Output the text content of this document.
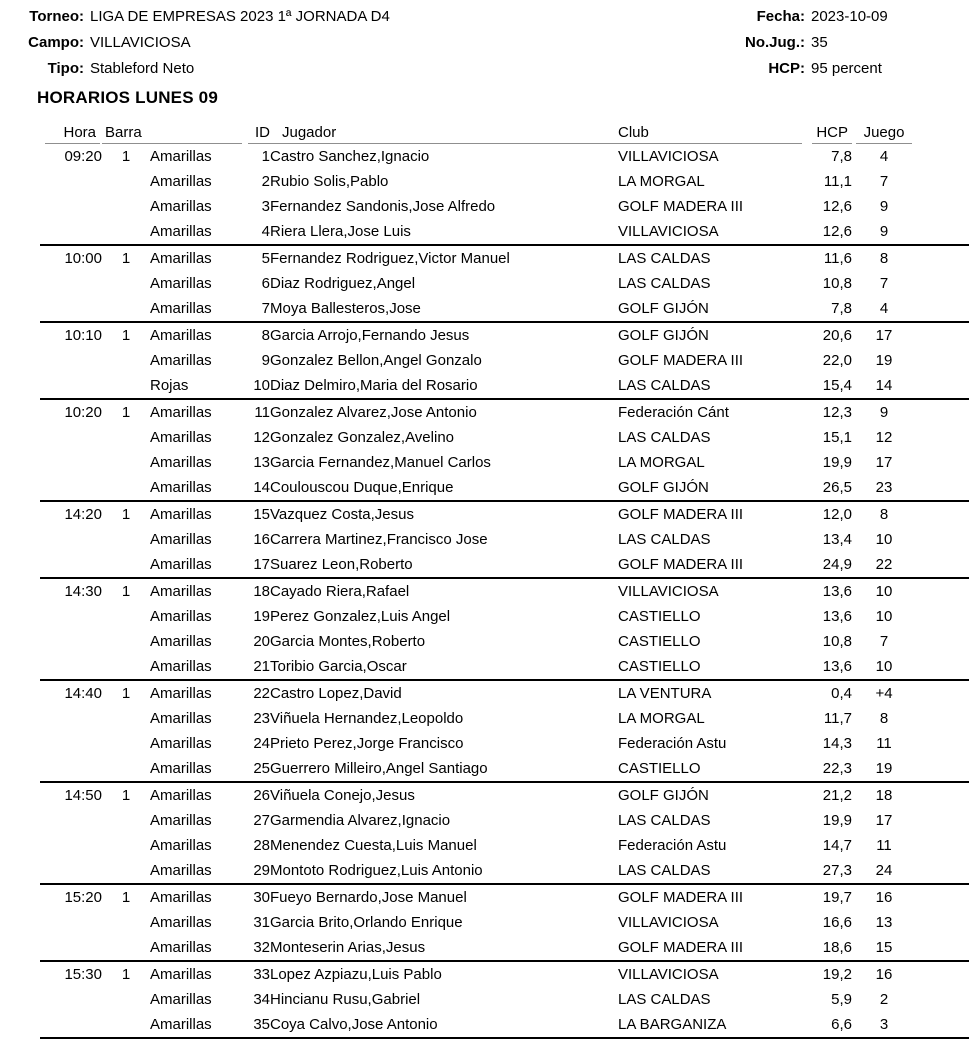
Torneo: LIGA DE EMPRESAS 2023 1ª JORNADA D4	Fecha: 2023-10-09
Campo: VILLAVICIOSA	No.Jug.: 35
Tipo: Stableford Neto	HCP: 95 percent
HORARIOS LUNES 09
Hora	Barra		ID Jugador		Club	HCP	Juego	

09:20	1	Amarillas	1	Castro Sanchez,Ignacio	VILLAVICIOSA	7,8	4	
		Amarillas	2	Rubio Solis,Pablo	LA MORGAL	11,1	7	
		Amarillas	3	Fernandez Sandonis,Jose Alfredo	GOLF MADERA III	12,6	9	
		Amarillas	4	Riera Llera,Jose Luis	VILLAVICIOSA	12,6	9	
10:00	1	Amarillas	5	Fernandez Rodriguez,Victor Manuel	LAS CALDAS	11,6	8	
		Amarillas	6	Diaz Rodriguez,Angel	LAS CALDAS	10,8	7	
		Amarillas	7	Moya Ballesteros,Jose	GOLF GIJÓN	7,8	4	
10:10	1	Amarillas	8	Garcia Arrojo,Fernando Jesus	GOLF GIJÓN	20,6	17	
		Amarillas	9	Gonzalez Bellon,Angel Gonzalo	GOLF MADERA III	22,0	19	
		Rojas	10	Diaz Delmiro,Maria del Rosario	LAS CALDAS	15,4	14	
10:20	1	Amarillas	11	Gonzalez Alvarez,Jose Antonio	Federación Cánt	12,3	9	
		Amarillas	12	Gonzalez Gonzalez,Avelino	LAS CALDAS	15,1	12	
		Amarillas	13	Garcia Fernandez,Manuel Carlos	LA MORGAL	19,9	17	
		Amarillas	14	Coulouscou Duque,Enrique	GOLF GIJÓN	26,5	23	
14:20	1	Amarillas	15	Vazquez Costa,Jesus	GOLF MADERA III	12,0	8	
		Amarillas	16	Carrera Martinez,Francisco Jose	LAS CALDAS	13,4	10	
		Amarillas	17	Suarez Leon,Roberto	GOLF MADERA III	24,9	22	
14:30	1	Amarillas	18	Cayado Riera,Rafael	VILLAVICIOSA	13,6	10	
		Amarillas	19	Perez Gonzalez,Luis Angel	CASTIELLO	13,6	10	
		Amarillas	20	Garcia Montes,Roberto	CASTIELLO	10,8	7	
		Amarillas	21	Toribio Garcia,Oscar	CASTIELLO	13,6	10	
14:40	1	Amarillas	22	Castro Lopez,David	LA VENTURA	0,4	+4	
		Amarillas	23	Viñuela Hernandez,Leopoldo	LA MORGAL	11,7	8	
		Amarillas	24	Prieto Perez,Jorge Francisco	Federación Astu	14,3	11	
		Amarillas	25	Guerrero Milleiro,Angel Santiago	CASTIELLO	22,3	19	
14:50	1	Amarillas	26	Viñuela Conejo,Jesus	GOLF GIJÓN	21,2	18	
		Amarillas	27	Garmendia Alvarez,Ignacio	LAS CALDAS	19,9	17	
		Amarillas	28	Menendez Cuesta,Luis Manuel	Federación Astu	14,7	11	
		Amarillas	29	Montoto Rodriguez,Luis Antonio	LAS CALDAS	27,3	24	
15:20	1	Amarillas	30	Fueyo Bernardo,Jose Manuel	GOLF MADERA III	19,7	16	
		Amarillas	31	Garcia Brito,Orlando Enrique	VILLAVICIOSA	16,6	13	
		Amarillas	32	Monteserin Arias,Jesus	GOLF MADERA III	18,6	15	
15:30	1	Amarillas	33	Lopez Azpiazu,Luis Pablo	VILLAVICIOSA	19,2	16	
		Amarillas	34	Hincianu Rusu,Gabriel	LAS CALDAS	5,9	2	
		Amarillas	35	Coya Calvo,Jose Antonio	LA BARGANIZA	6,6	3	
